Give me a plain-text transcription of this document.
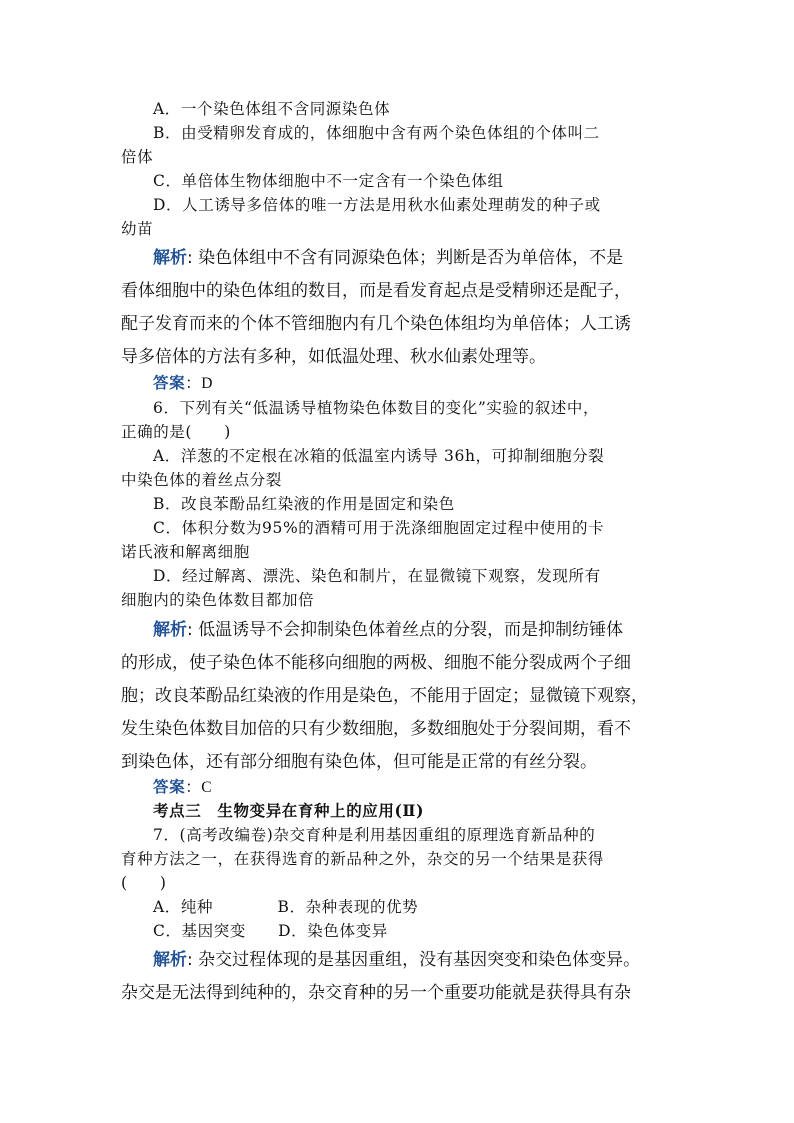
A．一个染色体组不含同源染色体
B．由受精卵发育成的，体细胞中含有两个染色体组的个体叫二
倍体
C．单倍体生物体细胞中不一定含有一个染色体组
D．人工诱导多倍体的唯一方法是用秋水仙素处理萌发的种子或
幼苗
解析: 染色体组中不含有同源染色体；判断是否为单倍体，不是
看体细胞中的染色体组的数目，而是看发育起点是受精卵还是配子，
配子发育而来的个体不管细胞内有几个染色体组均为单倍体；人工诱
导多倍体的方法有多种，如低温处理、秋水仙素处理等。
答案：D
6．下列有关“低温诱导植物染色体数目的变化”实验的叙述中，
正确的是(　　)
A．洋葱的不定根在冰箱的低温室内诱导 36h，可抑制细胞分裂
中染色体的着丝点分裂
B．改良苯酚品红染液的作用是固定和染色
C．体积分数为95%的酒精可用于洗涤细胞固定过程中使用的卡
诺氏液和解离细胞
D．经过解离、漂洗、染色和制片，在显微镜下观察，发现所有
细胞内的染色体数目都加倍
解析: 低温诱导不会抑制染色体着丝点的分裂，而是抑制纺锤体
的形成，使子染色体不能移向细胞的两极、细胞不能分裂成两个子细
胞；改良苯酚品红染液的作用是染色，不能用于固定；显微镜下观察，
发生染色体数目加倍的只有少数细胞，多数细胞处于分裂间期，看不
到染色体，还有部分细胞有染色体，但可能是正常的有丝分裂。
答案：C
考点三　生物变异在育种上的应用(Ⅱ)
7．(高考改编卷)杂交育种是利用基因重组的原理选育新品种的
育种方法之一，在获得选育的新品种之外，杂交的另一个结果是获得
(　　)
A．纯种　　　　B．杂种表现的优势
C．基因突变　　D．染色体变异
解析: 杂交过程体现的是基因重组，没有基因突变和染色体变异。
杂交是无法得到纯种的，杂交育种的另一个重要功能就是获得具有杂
